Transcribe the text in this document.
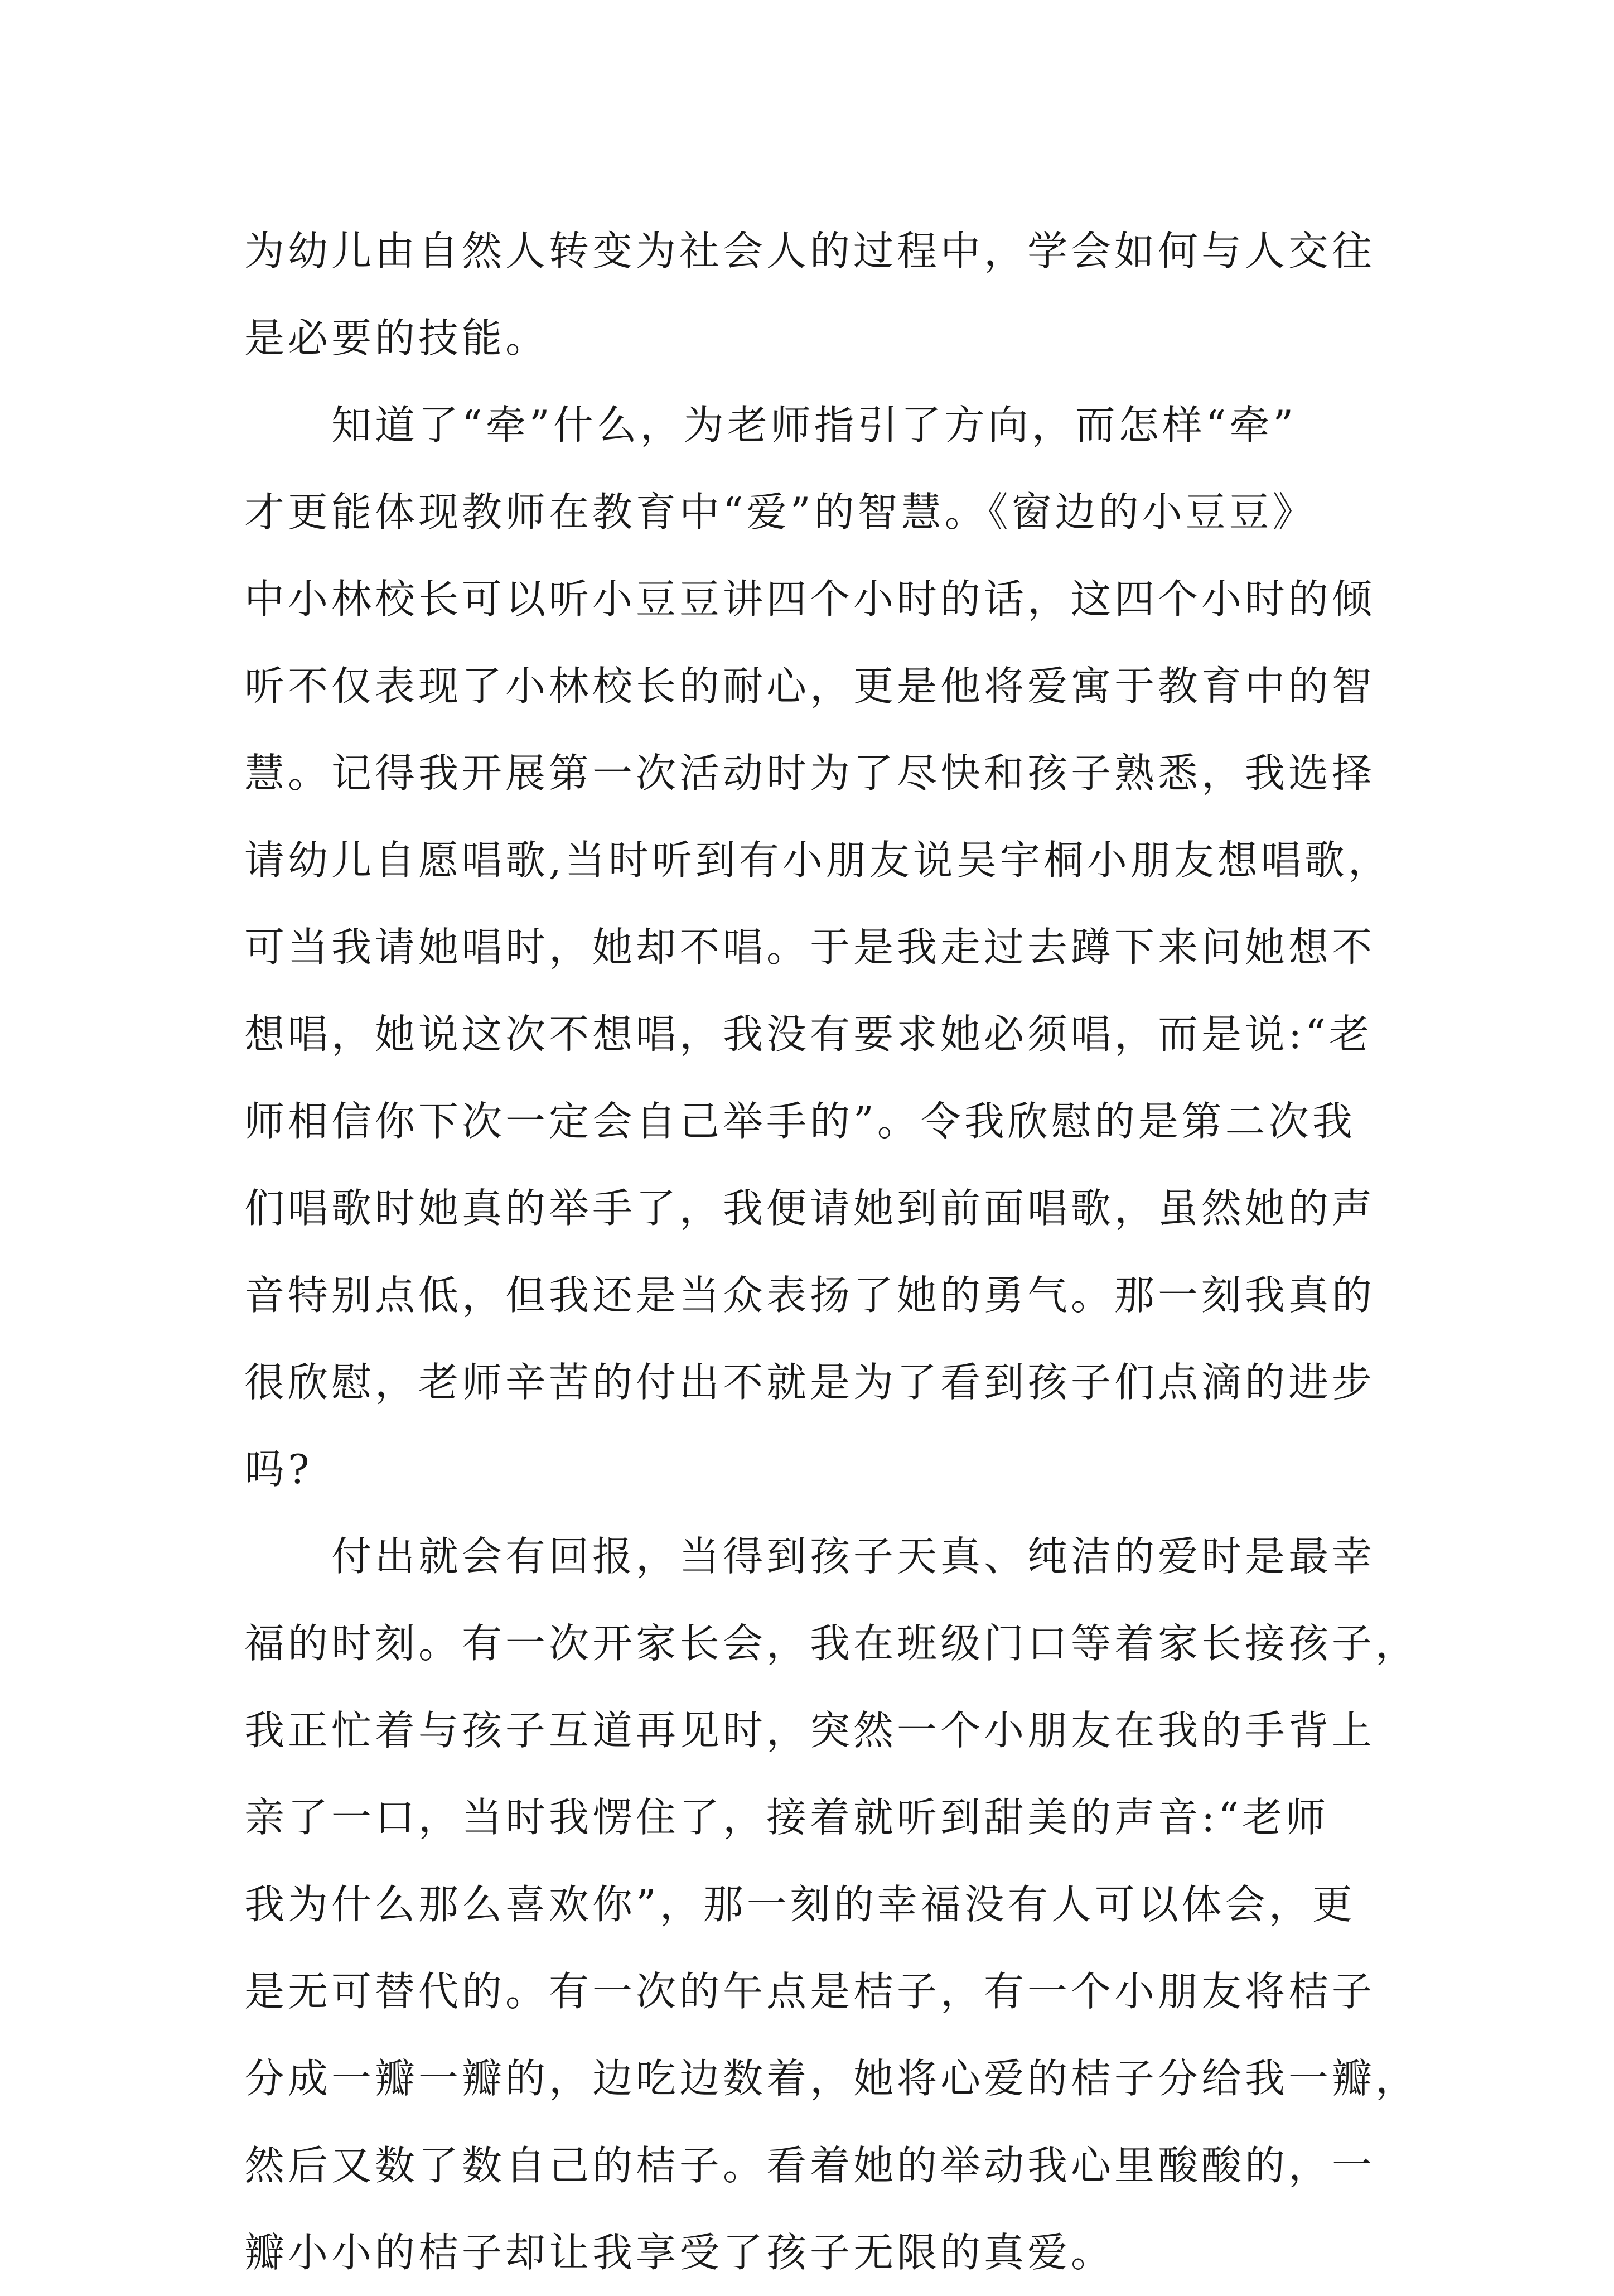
为幼儿由自然人转变为社会人的过程中，学会如何与人交往
是必要的技能。
知道了“牵”什么，为老师指引了方向，而怎样“牵”
才更能体现教师在教育中“爱”的智慧。《窗边的小豆豆》
中小林校长可以听小豆豆讲四个小时的话，这四个小时的倾
听不仅表现了小林校长的耐心，更是他将爱寓于教育中的智
慧。记得我开展第一次活动时为了尽快和孩子熟悉，我选择
请幼儿自愿唱歌,当时听到有小朋友说吴宇桐小朋友想唱歌，
可当我请她唱时，她却不唱。于是我走过去蹲下来问她想不
想唱，她说这次不想唱，我没有要求她必须唱，而是说:“老
师相信你下次一定会自己举手的”。令我欣慰的是第二次我
们唱歌时她真的举手了，我便请她到前面唱歌，虽然她的声
音特别点低，但我还是当众表扬了她的勇气。那一刻我真的
很欣慰，老师辛苦的付出不就是为了看到孩子们点滴的进步
吗?
付出就会有回报，当得到孩子天真、纯洁的爱时是最幸
福的时刻。有一次开家长会，我在班级门口等着家长接孩子，
我正忙着与孩子互道再见时，突然一个小朋友在我的手背上
亲了一口，当时我愣住了，接着就听到甜美的声音:“老师
我为什么那么喜欢你”，那一刻的幸福没有人可以体会，更
是无可替代的。有一次的午点是桔子，有一个小朋友将桔子
分成一瓣一瓣的，边吃边数着，她将心爱的桔子分给我一瓣，
然后又数了数自己的桔子。看着她的举动我心里酸酸的，一
瓣小小的桔子却让我享受了孩子无限的真爱。
